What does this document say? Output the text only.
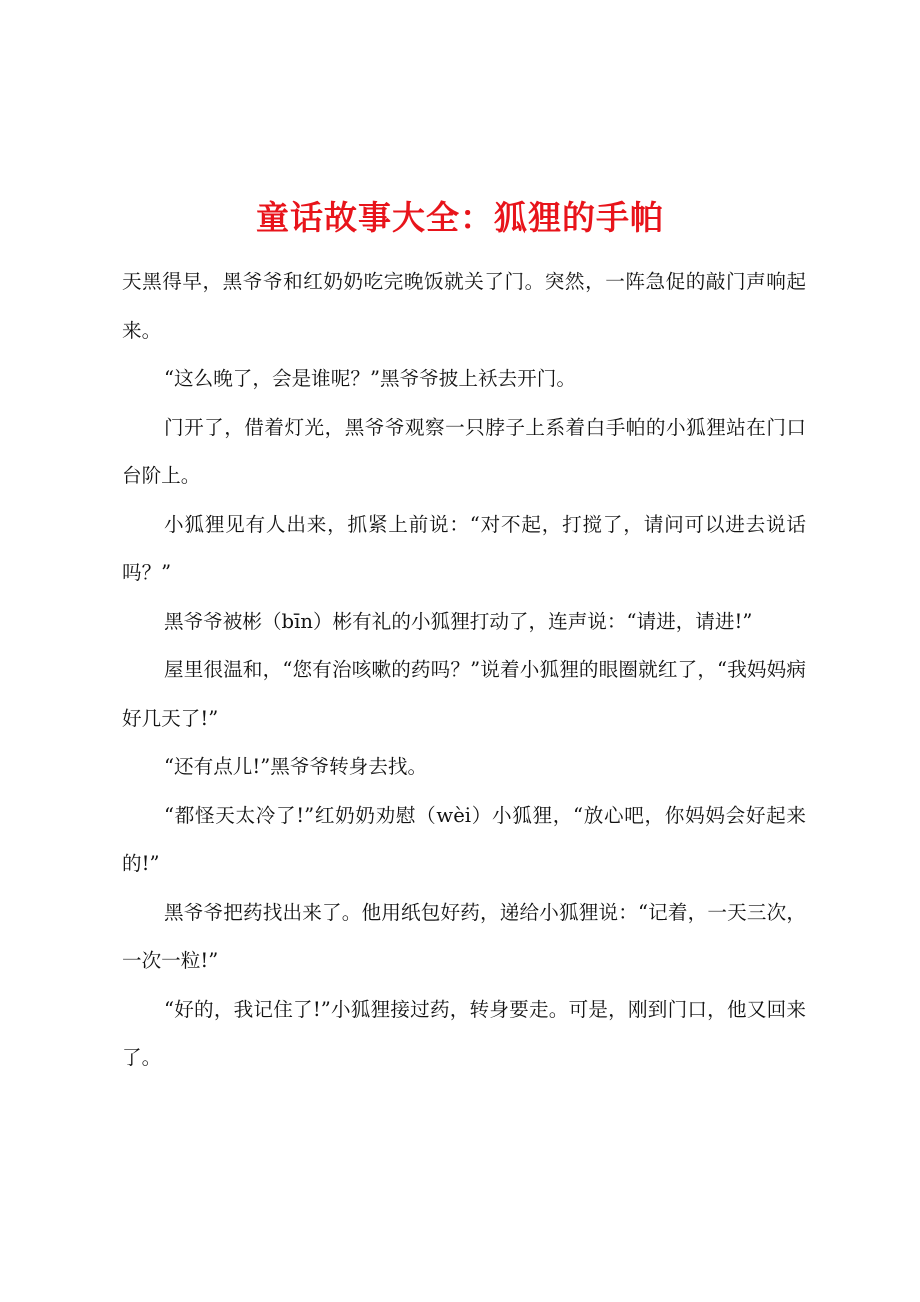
童话故事大全：狐狸的手帕

天黑得早，黑爷爷和红奶奶吃完晚饭就关了门。突然，一阵急促的敲门声响起来。

“这么晚了，会是谁呢？”黑爷爷披上袄去开门。

门开了，借着灯光，黑爷爷观察一只脖子上系着白手帕的小狐狸站在门口台阶上。

小狐狸见有人出来，抓紧上前说：“对不起，打搅了，请问可以进去说话吗？”

黑爷爷被彬（bīn）彬有礼的小狐狸打动了，连声说：“请进，请进!”

屋里很温和，“您有治咳嗽的药吗？”说着小狐狸的眼圈就红了，“我妈妈病好几天了!”

“还有点儿!”黑爷爷转身去找。

“都怪天太冷了!”红奶奶劝慰（wèi）小狐狸，“放心吧，你妈妈会好起来的!”

黑爷爷把药找出来了。他用纸包好药，递给小狐狸说：“记着，一天三次，一次一粒!”

“好的，我记住了!”小狐狸接过药，转身要走。可是，刚到门口，他又回来了。
